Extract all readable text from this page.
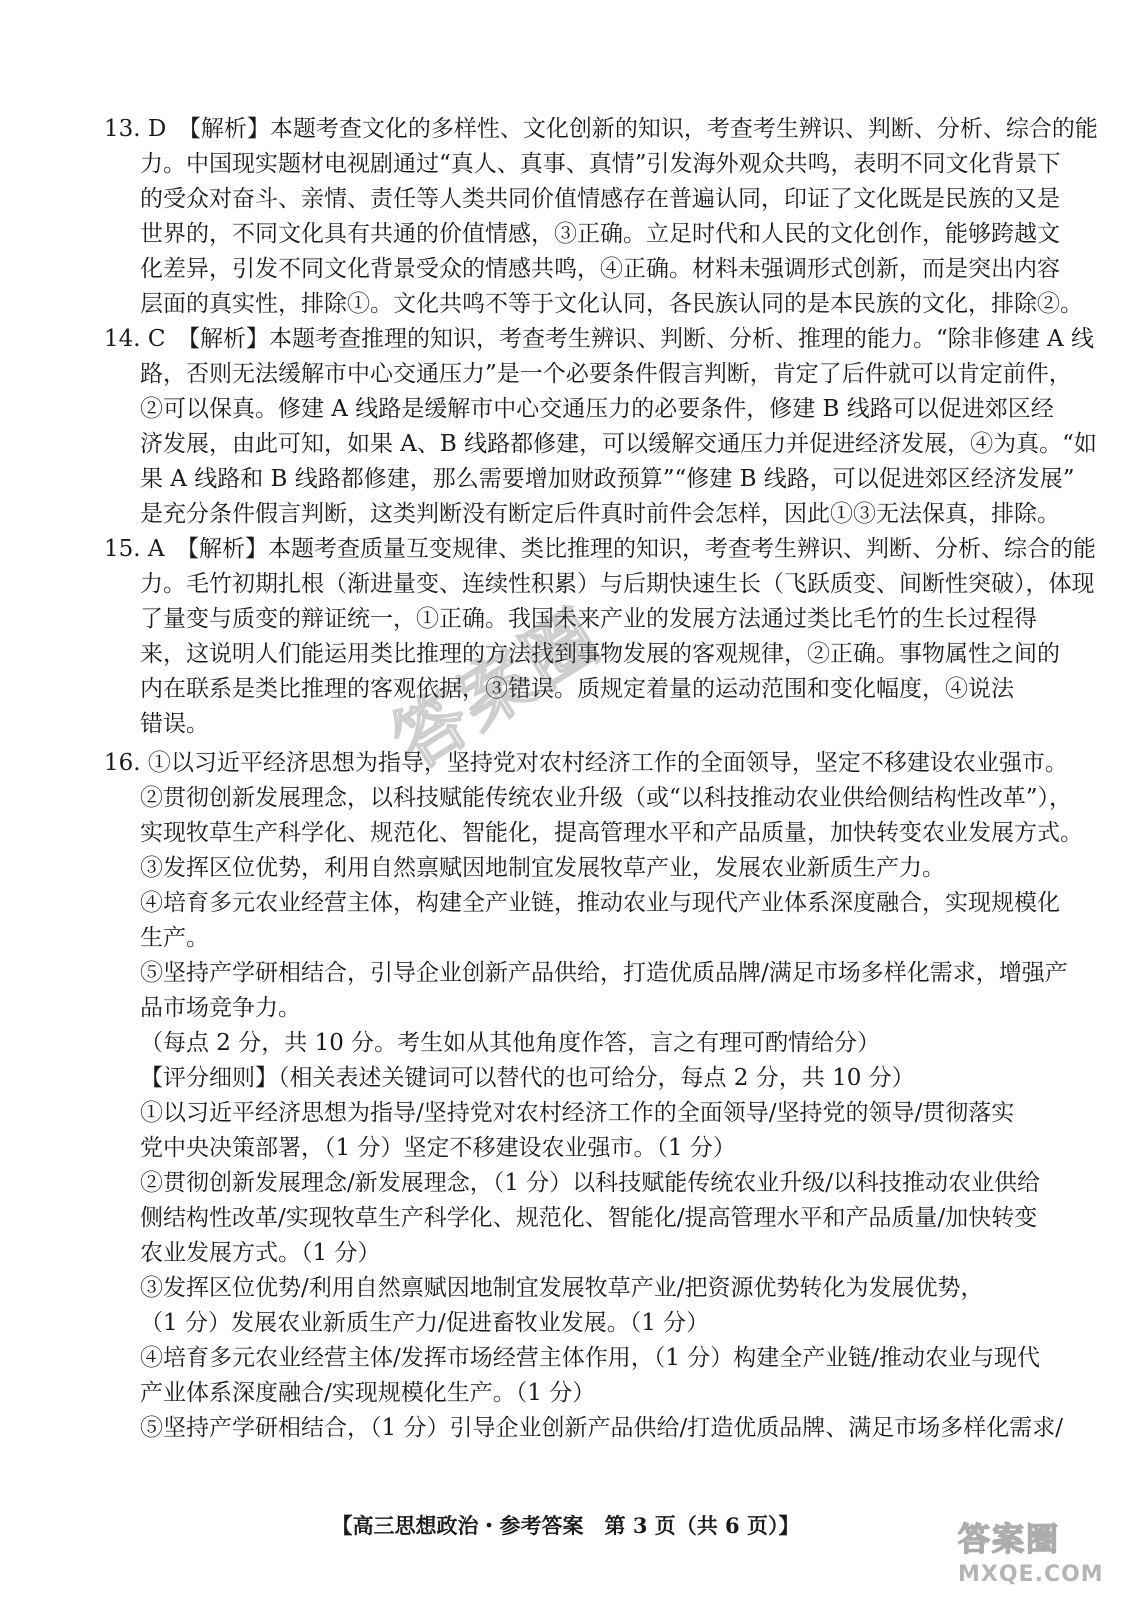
13. D　【解析】本题考查文化的多样性、文化创新的知识，考查考生辨识、判断、分析、综合的能
力。中国现实题材电视剧通过“真人、真事、真情”引发海外观众共鸣，表明不同文化背景下
的受众对奋斗、亲情、责任等人类共同价值情感存在普遍认同，印证了文化既是民族的又是
世界的，不同文化具有共通的价值情感，③正确。立足时代和人民的文化创作，能够跨越文
化差异，引发不同文化背景受众的情感共鸣，④正确。材料未强调形式创新，而是突出内容
层面的真实性，排除①。文化共鸣不等于文化认同，各民族认同的是本民族的文化，排除②。
14. C　【解析】本题考查推理的知识，考查考生辨识、判断、分析、推理的能力。“除非修建 A 线
路，否则无法缓解市中心交通压力”是一个必要条件假言判断，肯定了后件就可以肯定前件，
②可以保真。修建 A 线路是缓解市中心交通压力的必要条件，修建 B 线路可以促进郊区经
济发展，由此可知，如果 A、B 线路都修建，可以缓解交通压力并促进经济发展，④为真。“如
果 A 线路和 B 线路都修建，那么需要增加财政预算”“修建 B 线路，可以促进郊区经济发展”
是充分条件假言判断，这类判断没有断定后件真时前件会怎样，因此①③无法保真，排除。
15. A　【解析】本题考查质量互变规律、类比推理的知识，考查考生辨识、判断、分析、综合的能
力。毛竹初期扎根（渐进量变、连续性积累）与后期快速生长（飞跃质变、间断性突破），体现
了量变与质变的辩证统一，①正确。我国未来产业的发展方法通过类比毛竹的生长过程得
来，这说明人们能运用类比推理的方法找到事物发展的客观规律，②正确。事物属性之间的
内在联系是类比推理的客观依据，③错误。质规定着量的运动范围和变化幅度，④说法
错误。
16. ①以习近平经济思想为指导，坚持党对农村经济工作的全面领导，坚定不移建设农业强市。
②贯彻创新发展理念，以科技赋能传统农业升级（或“以科技推动农业供给侧结构性改革”），
实现牧草生产科学化、规范化、智能化，提高管理水平和产品质量，加快转变农业发展方式。
③发挥区位优势，利用自然禀赋因地制宜发展牧草产业，发展农业新质生产力。
④培育多元农业经营主体，构建全产业链，推动农业与现代产业体系深度融合，实现规模化
生产。
⑤坚持产学研相结合，引导企业创新产品供给，打造优质品牌/满足市场多样化需求，增强产
品市场竞争力。
（每点 2 分，共 10 分。考生如从其他角度作答，言之有理可酌情给分）
【评分细则】（相关表述关键词可以替代的也可给分，每点 2 分，共 10 分）
①以习近平经济思想为指导/坚持党对农村经济工作的全面领导/坚持党的领导/贯彻落实
党中央决策部署，（1 分）坚定不移建设农业强市。（1 分）
②贯彻创新发展理念/新发展理念，（1 分）以科技赋能传统农业升级/以科技推动农业供给
侧结构性改革/实现牧草生产科学化、规范化、智能化/提高管理水平和产品质量/加快转变
农业发展方式。（1 分）
③发挥区位优势/利用自然禀赋因地制宜发展牧草产业/把资源优势转化为发展优势，
（1 分）发展农业新质生产力/促进畜牧业发展。（1 分）
④培育多元农业经营主体/发挥市场经营主体作用，（1 分）构建全产业链/推动农业与现代
产业体系深度融合/实现规模化生产。（1 分）
⑤坚持产学研相结合，（1 分）引导企业创新产品供给/打造优质品牌、满足市场多样化需求/
答案圈
【高三思想政治・参考答案　第 3 页（共 6 页）】	答案圈
MXQE.COM
